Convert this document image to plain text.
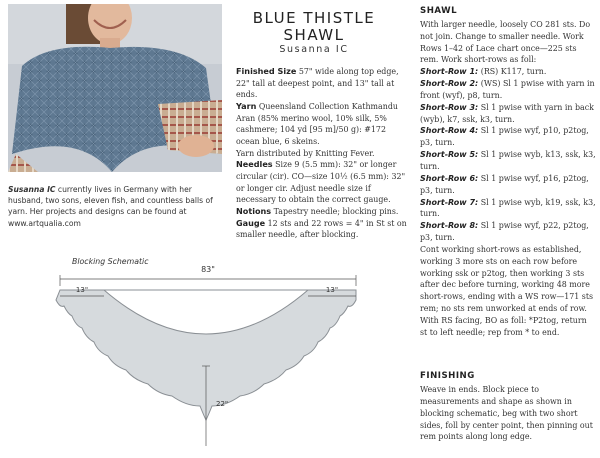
Susanna IC currently lives in Germany with her husband, two sons, eleven fish, and countless balls of yarn. Her projects and designs can be found at www.artqualia.com
BLUE THISTLE
SHAWL
Susanna IC

Finished Size 57" wide along top edge, 22" tall at deepest point, and 13" tall at ends.

Yarn Queensland Collection Kathmandu Aran (85% merino wool, 10% silk, 5% cashmere; 104 yd [95 m]/50 g): #172 ocean blue, 6 skeins.

Yarn distributed by Knitting Fever.

Needles Size 9 (5.5 mm): 32" or longer circular (cir). CO—size 10½ (6.5 mm): 32" or longer cir. Adjust needle size if necessary to obtain the correct gauge.

Notions Tapestry needle; blocking pins.

Gauge 12 sts and 22 rows = 4" in St st on smaller needle, after blocking.

SHAWL

With larger needle, loosely CO 281 sts. Do not join. Change to smaller needle. Work Rows 1–42 of Lace chart once—225 sts rem. Work short-rows as foll:

Short-Row 1: (RS) K117, turn.

Short-Row 2: (WS) Sl 1 pwise with yarn in front (wyf), p8, turn.

Short-Row 3: Sl 1 pwise with yarn in back (wyb), k7, ssk, k3, turn.

Short-Row 4: Sl 1 pwise wyf, p10, p2tog, p3, turn.

Short-Row 5: Sl 1 pwise wyb, k13, ssk, k3, turn.

Short-Row 6: Sl 1 pwise wyf, p16, p2tog, p3, turn.

Short-Row 7: Sl 1 pwise wyb, k19, ssk, k3, turn.

Short-Row 8: Sl 1 pwise wyf, p22, p2tog, p3, turn.

Cont working short-rows as established, working 3 more sts on each row before working ssk or p2tog, then working 3 sts after dec before turning, working 48 more short-rows, ending with a WS row—171 sts rem; no sts rem unworked at ends of row. With RS facing, BO as foll: *P2tog, return st to left needle; rep from * to end.

FINISHING
Weave in ends. Block piece to measurements and shape as shown in blocking schematic, beg with two short sides, foll by center point, then pinning out rem points along long edge.
Blocking Schematic
83"
13"	13"
22"
